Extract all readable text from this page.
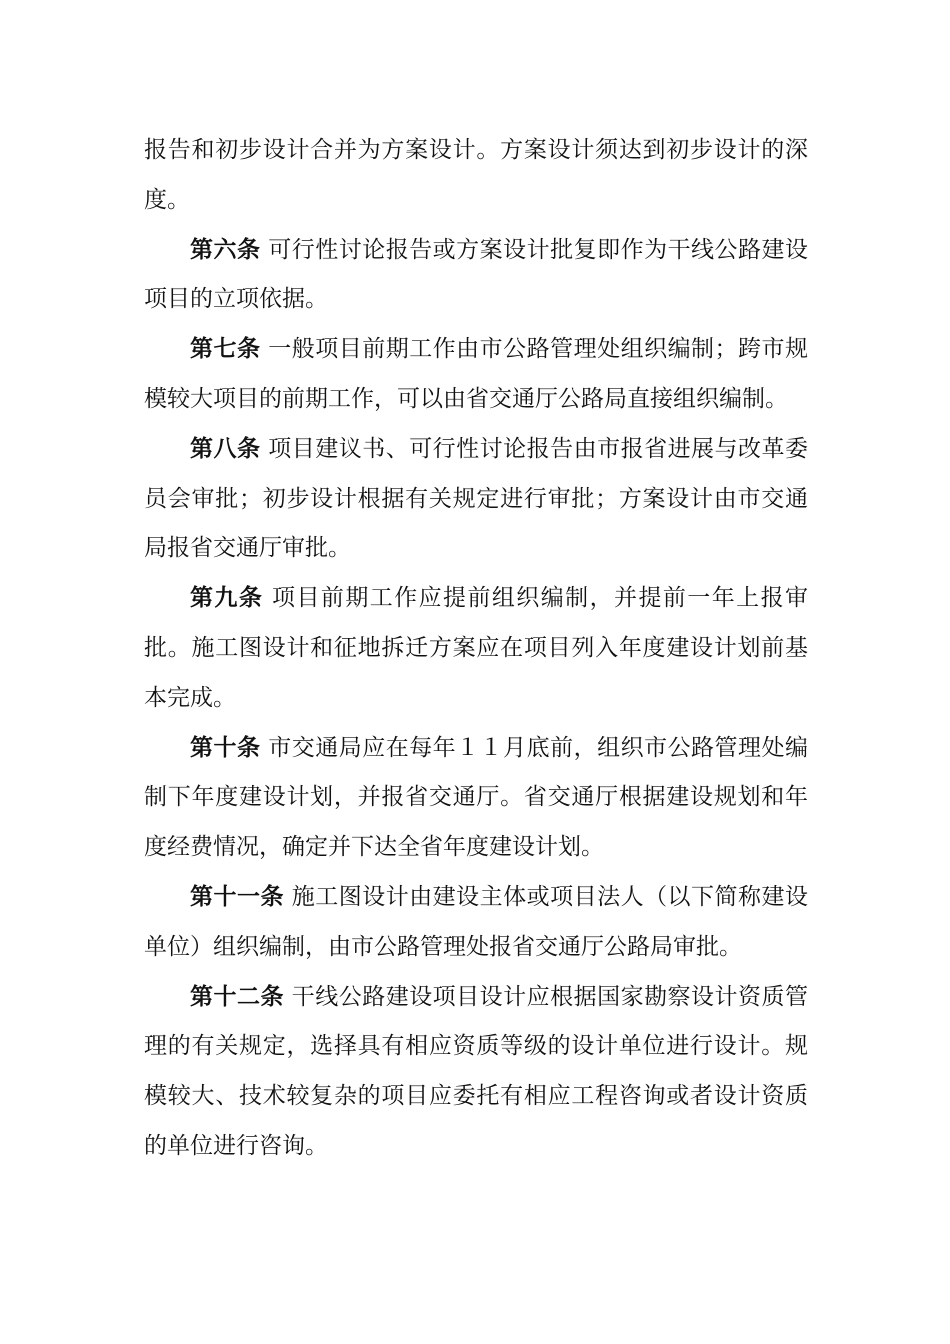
报告和初步设计合并为方案设计。方案设计须达到初步设计的深度。

第六条 可行性讨论报告或方案设计批复即作为干线公路建设项目的立项依据。

第七条 一般项目前期工作由市公路管理处组织编制；跨市规模较大项目的前期工作，可以由省交通厅公路局直接组织编制。

第八条 项目建议书、可行性讨论报告由市报省进展与改革委员会审批；初步设计根据有关规定进行审批；方案设计由市交通局报省交通厅审批。

第九条 项目前期工作应提前组织编制，并提前一年上报审批。施工图设计和征地拆迁方案应在项目列入年度建设计划前基本完成。

第十条 市交通局应在每年１１月底前，组织市公路管理处编制下年度建设计划，并报省交通厅。省交通厅根据建设规划和年度经费情况，确定并下达全省年度建设计划。

第十一条 施工图设计由建设主体或项目法人（以下简称建设单位）组织编制，由市公路管理处报省交通厅公路局审批。

第十二条 干线公路建设项目设计应根据国家勘察设计资质管理的有关规定，选择具有相应资质等级的设计单位进行设计。规模较大、技术较复杂的项目应委托有相应工程咨询或者设计资质的单位进行咨询。
